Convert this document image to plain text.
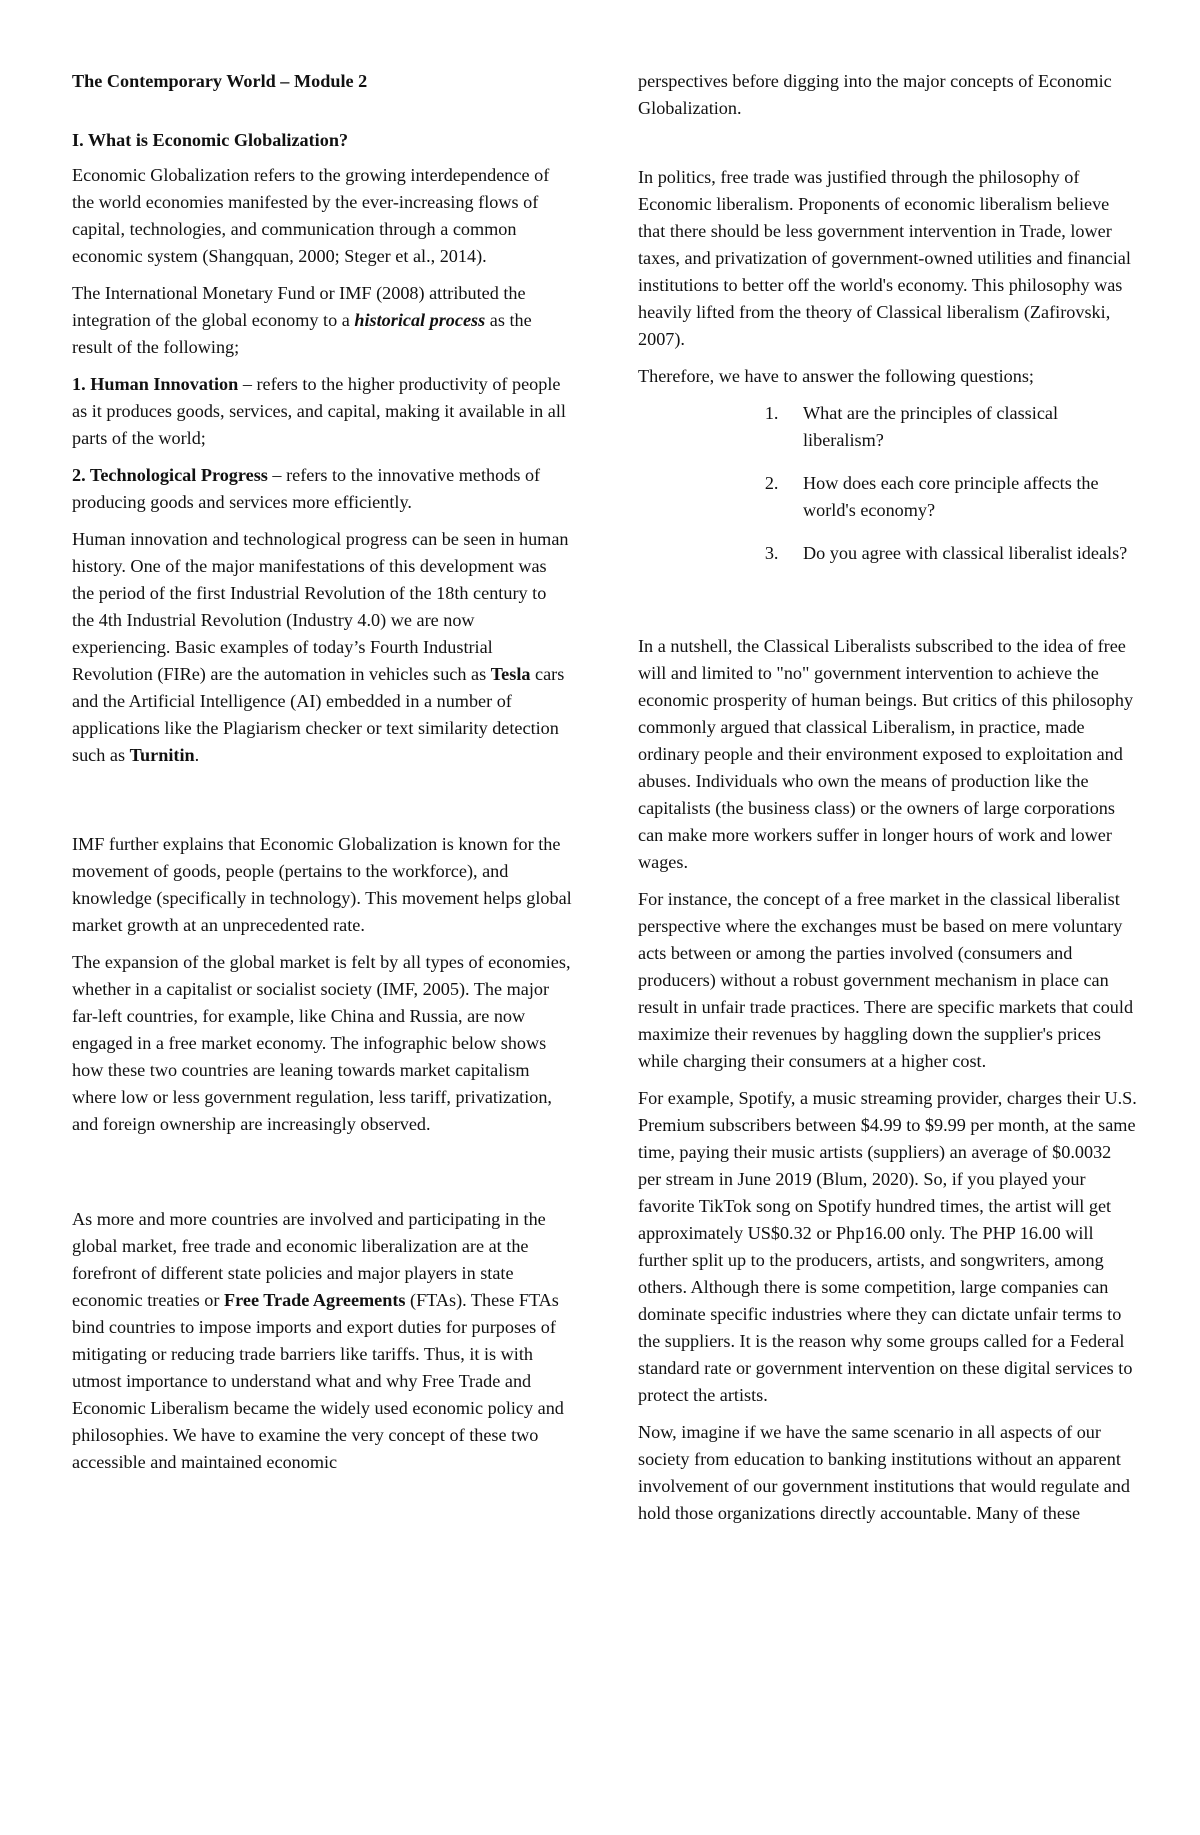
The Contemporary World – Module 2

I. What is Economic Globalization?

Economic Globalization refers to the growing interdependence of the world economies manifested by the ever-increasing flows of capital, technologies, and communication through a common economic system (Shangquan, 2000; Steger et al., 2014).

The International Monetary Fund or IMF (2008) attributed the integration of the global economy to a historical process as the result of the following;

1. Human Innovation – refers to the higher productivity of people as it produces goods, services, and capital, making it available in all parts of the world;

2. Technological Progress – refers to the innovative methods of producing goods and services more efficiently.

Human innovation and technological progress can be seen in human history. One of the major manifestations of this development was the period of the first Industrial Revolution of the 18th century to the 4th Industrial Revolution (Industry 4.0) we are now experiencing. Basic examples of today’s Fourth Industrial Revolution (FIRe) are the automation in vehicles such as Tesla cars and the Artificial Intelligence (AI) embedded in a number of applications like the Plagiarism checker or text similarity detection such as Turnitin.

IMF further explains that Economic Globalization is known for the movement of goods, people (pertains to the workforce), and knowledge (specifically in technology). This movement helps global market growth at an unprecedented rate.

The expansion of the global market is felt by all types of economies, whether in a capitalist or socialist society (IMF, 2005). The major far-left countries, for example, like China and Russia, are now engaged in a free market economy. The infographic below shows how these two countries are leaning towards market capitalism where low or less government regulation, less tariff, privatization, and foreign ownership are increasingly observed.

As more and more countries are involved and participating in the global market, free trade and economic liberalization are at the forefront of different state policies and major players in state economic treaties or Free Trade Agreements (FTAs). These FTAs bind countries to impose imports and export duties for purposes of mitigating or reducing trade barriers like tariffs. Thus, it is with utmost importance to understand what and why Free Trade and Economic Liberalism became the widely used economic policy and philosophies. We have to examine the very concept of these two accessible and maintained economic

perspectives before digging into the major concepts of Economic Globalization.

In politics, free trade was justified through the philosophy of Economic liberalism. Proponents of economic liberalism believe that there should be less government intervention in Trade, lower taxes, and privatization of government-owned utilities and financial institutions to better off the world's economy. This philosophy was heavily lifted from the theory of Classical liberalism (Zafirovski, 2007).

Therefore, we have to answer the following questions;

1. What are the principles of classical liberalism?
2. How does each core principle affects the world's economy?
3. Do you agree with classical liberalist ideals?

In a nutshell, the Classical Liberalists subscribed to the idea of free will and limited to "no" government intervention to achieve the economic prosperity of human beings. But critics of this philosophy commonly argued that classical Liberalism, in practice, made ordinary people and their environment exposed to exploitation and abuses. Individuals who own the means of production like the capitalists (the business class) or the owners of large corporations can make more workers suffer in longer hours of work and lower wages.

For instance, the concept of a free market in the classical liberalist perspective where the exchanges must be based on mere voluntary acts between or among the parties involved (consumers and producers) without a robust government mechanism in place can result in unfair trade practices. There are specific markets that could maximize their revenues by haggling down the supplier's prices while charging their consumers at a higher cost.

For example, Spotify, a music streaming provider, charges their U.S. Premium subscribers between $4.99 to $9.99 per month, at the same time, paying their music artists (suppliers) an average of $0.0032 per stream in June 2019 (Blum, 2020). So, if you played your favorite TikTok song on Spotify hundred times, the artist will get approximately US$0.32 or Php16.00 only. The PHP 16.00 will further split up to the producers, artists, and songwriters, among others. Although there is some competition, large companies can dominate specific industries where they can dictate unfair terms to the suppliers. It is the reason why some groups called for a Federal standard rate or government intervention on these digital services to protect the artists.

Now, imagine if we have the same scenario in all aspects of our society from education to banking institutions without an apparent involvement of our government institutions that would regulate and hold those organizations directly accountable. Many of these
